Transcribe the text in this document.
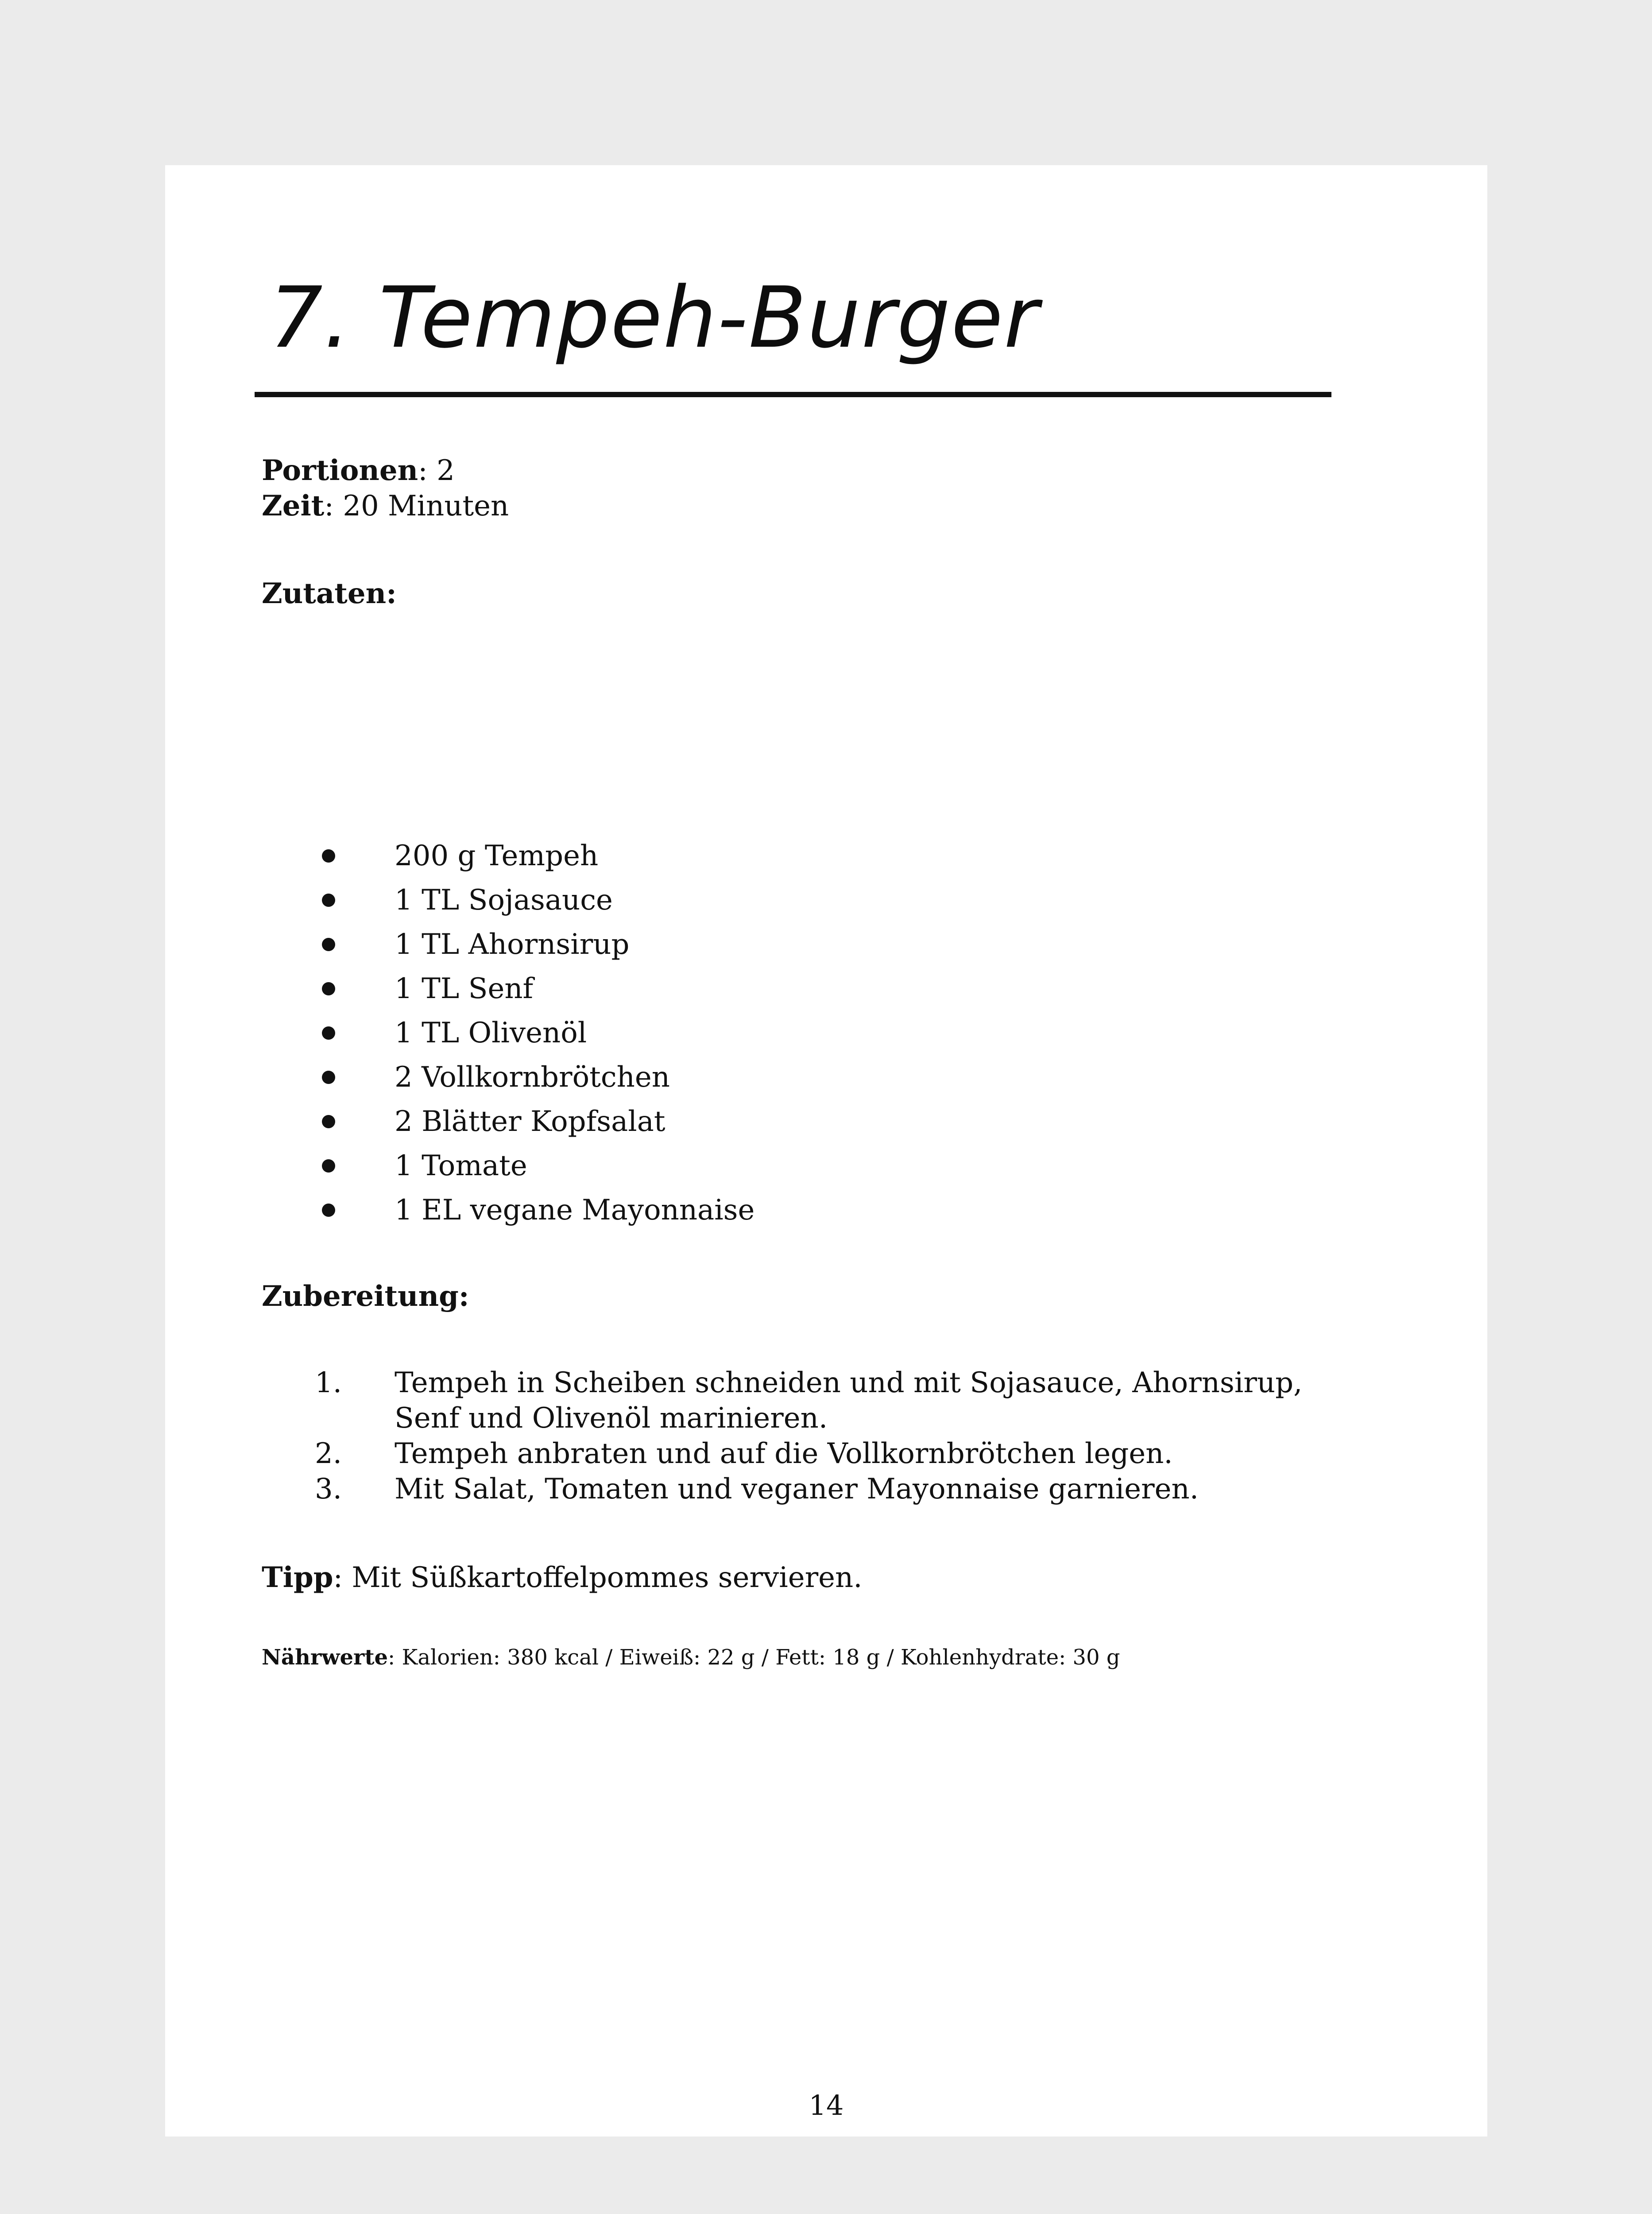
7. Tempeh-Burger
Portionen: 2
Zeit: 20 Minuten
Zutaten:
200 g Tempeh
1 TL Sojasauce
1 TL Ahornsirup
1 TL Senf
1 TL Olivenöl
2 Vollkornbrötchen
2 Blätter Kopfsalat
1 Tomate
1 EL vegane Mayonnaise
Zubereitung:
1.	Tempeh in Scheiben schneiden und mit Sojasauce, Ahornsirup, Senf und Olivenöl marinieren.
2.	Tempeh anbraten und auf die Vollkornbrötchen legen.
3.	Mit Salat, Tomaten und veganer Mayonnaise garnieren.
Tipp: Mit Süßkartoffelpommes servieren.
Nährwerte: Kalorien: 380 kcal / Eiweiß: 22 g / Fett: 18 g / Kohlenhydrate: 30 g
14
